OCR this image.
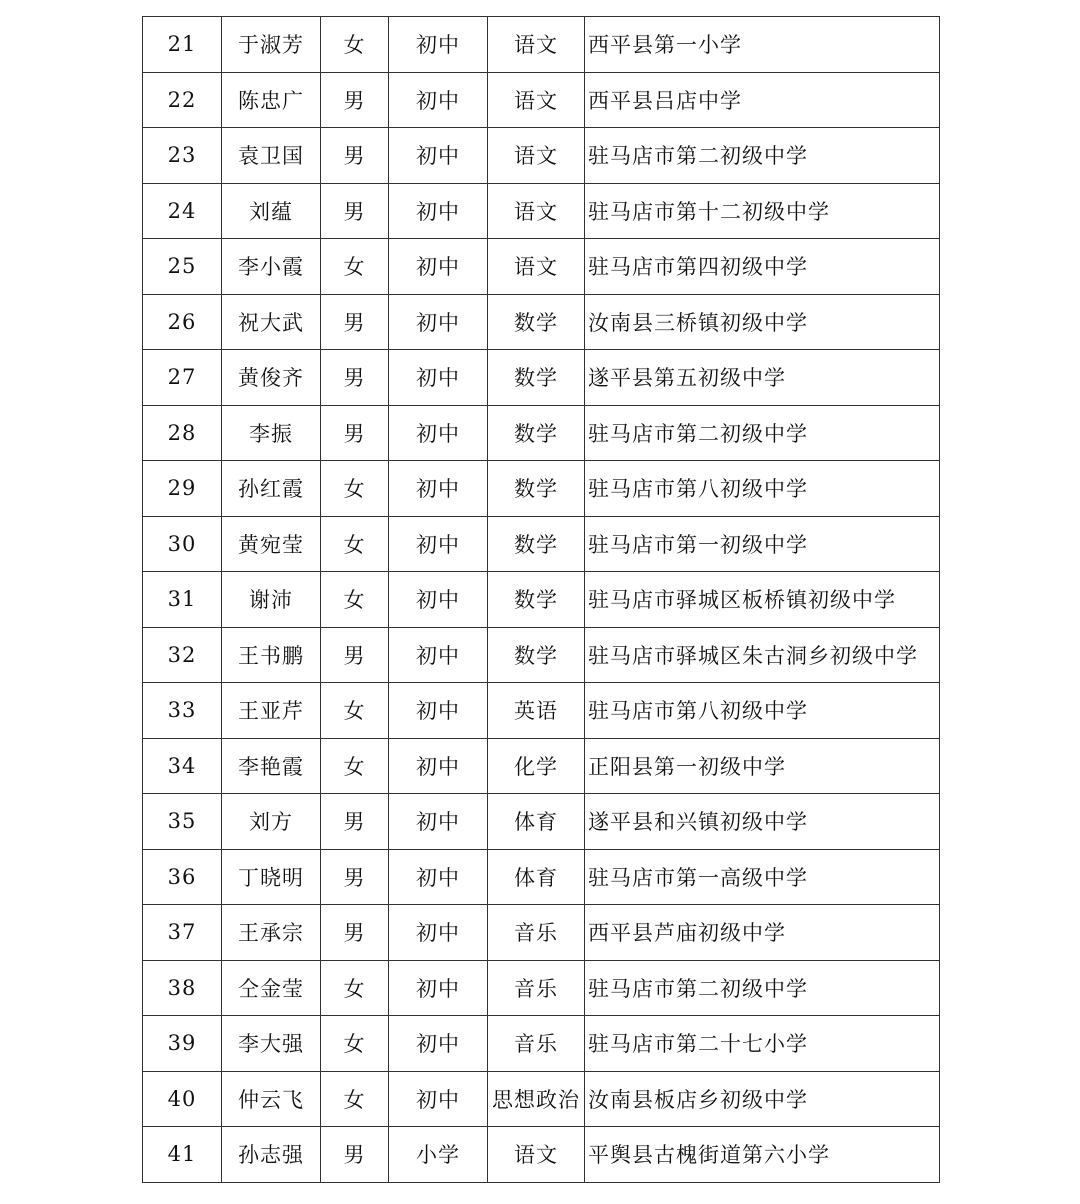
21	于淑芳	女	初中	语文	西平县第一小学
22	陈忠广	男	初中	语文	西平县吕店中学
23	袁卫国	男	初中	语文	驻马店市第二初级中学
24	刘蕴	男	初中	语文	驻马店市第十二初级中学
25	李小霞	女	初中	语文	驻马店市第四初级中学
26	祝大武	男	初中	数学	汝南县三桥镇初级中学
27	黄俊齐	男	初中	数学	遂平县第五初级中学
28	李振	男	初中	数学	驻马店市第二初级中学
29	孙红霞	女	初中	数学	驻马店市第八初级中学
30	黄宛莹	女	初中	数学	驻马店市第一初级中学
31	谢沛	女	初中	数学	驻马店市驿城区板桥镇初级中学
32	王书鹏	男	初中	数学	驻马店市驿城区朱古洞乡初级中学
33	王亚芹	女	初中	英语	驻马店市第八初级中学
34	李艳霞	女	初中	化学	正阳县第一初级中学
35	刘方	男	初中	体育	遂平县和兴镇初级中学
36	丁晓明	男	初中	体育	驻马店市第一高级中学
37	王承宗	男	初中	音乐	西平县芦庙初级中学
38	仝金莹	女	初中	音乐	驻马店市第二初级中学
39	李大强	女	初中	音乐	驻马店市第二十七小学
40	仲云飞	女	初中	思想政治	汝南县板店乡初级中学
41	孙志强	男	小学	语文	平舆县古槐街道第六小学
